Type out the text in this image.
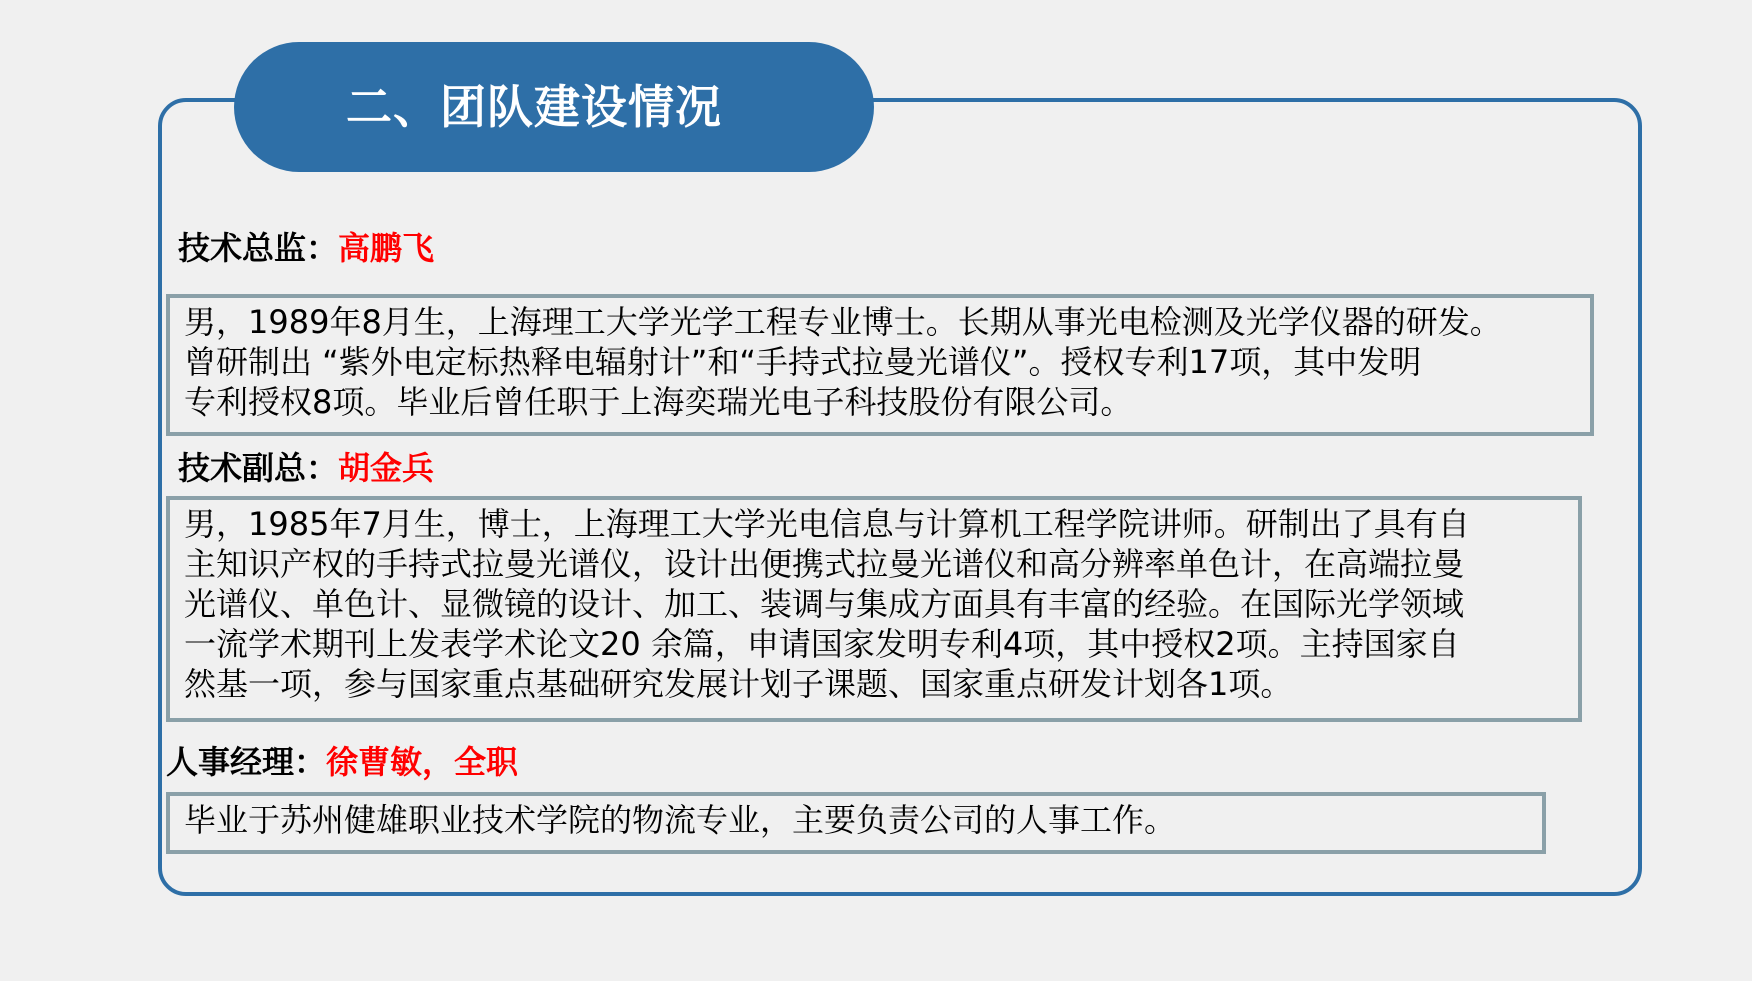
二、团队建设情况
技术总监：高鹏飞

男，1989年8月生，上海理工大学光学工程专业博士。长期从事光电检测及光学仪器的研发。

曾研制出 “紫外电定标热释电辐射计”和“手持式拉曼光谱仪”。授权专利17项，其中发明

专利授权8项。毕业后曾任职于上海奕瑞光电子科技股份有限公司。

技术副总：胡金兵

男，1985年7月生，博士，上海理工大学光电信息与计算机工程学院讲师。研制出了具有自

主知识产权的手持式拉曼光谱仪，设计出便携式拉曼光谱仪和高分辨率单色计，在高端拉曼

光谱仪、单色计、显微镜的设计、加工、装调与集成方面具有丰富的经验。在国际光学领域

一流学术期刊上发表学术论文20 余篇，申请国家发明专利4项，其中授权2项。主持国家自

然基一项，参与国家重点基础研究发展计划子课题、国家重点研发计划各1项。

人事经理：徐曹敏，全职

毕业于苏州健雄职业技术学院的物流专业，主要负责公司的人事工作。
